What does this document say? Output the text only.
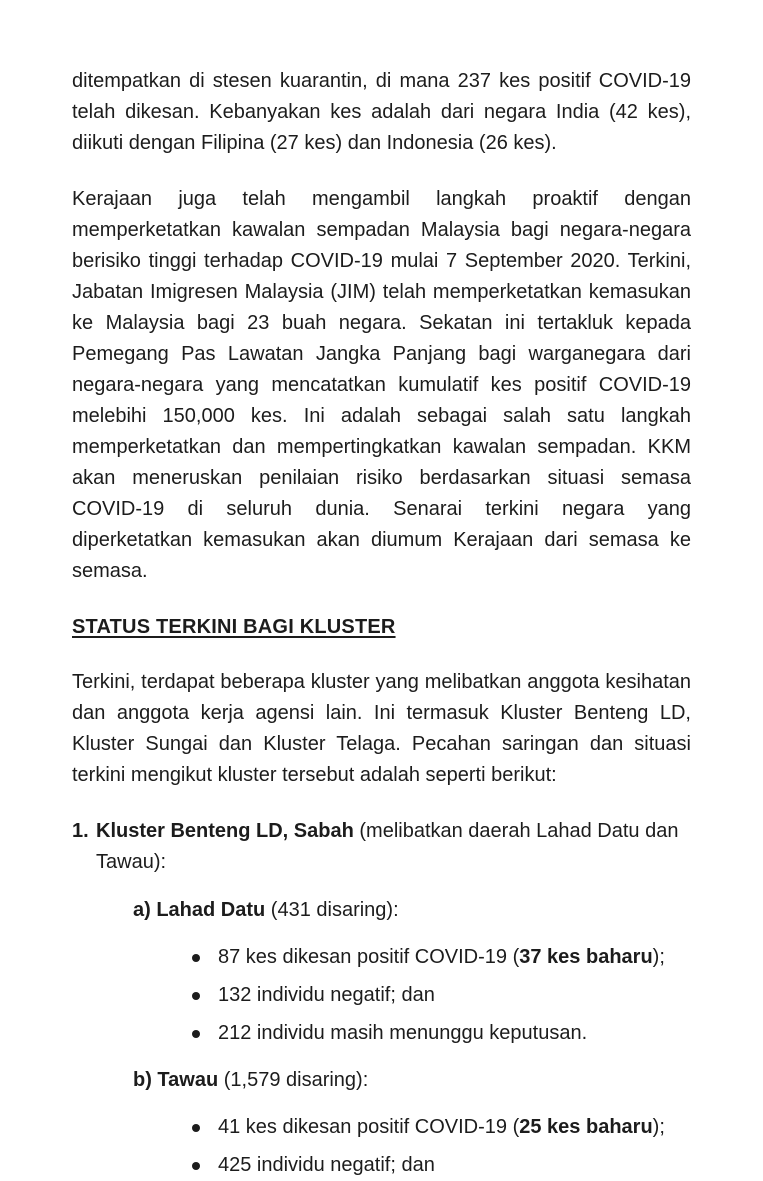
ditempatkan di stesen kuarantin, di mana 237 kes positif COVID-19 telah dikesan. Kebanyakan kes adalah dari negara India (42 kes), diikuti dengan Filipina (27 kes) dan Indonesia (26 kes).

Kerajaan juga telah mengambil langkah proaktif dengan memperketatkan kawalan sempadan Malaysia bagi negara-negara berisiko tinggi terhadap COVID-19 mulai 7 September 2020. Terkini, Jabatan Imigresen Malaysia (JIM) telah memperketatkan kemasukan ke Malaysia bagi 23 buah negara. Sekatan ini tertakluk kepada Pemegang Pas Lawatan Jangka Panjang bagi warganegara dari negara-negara yang mencatatkan kumulatif kes positif COVID-19 melebihi 150,000 kes. Ini adalah sebagai salah satu langkah memperketatkan dan mempertingkatkan kawalan sempadan. KKM akan meneruskan penilaian risiko berdasarkan situasi semasa COVID-19 di seluruh dunia. Senarai terkini negara yang diperketatkan kemasukan akan diumum Kerajaan dari semasa ke semasa.

STATUS TERKINI BAGI KLUSTER

Terkini, terdapat beberapa kluster yang melibatkan anggota kesihatan dan anggota kerja agensi lain. Ini termasuk Kluster Benteng LD, Kluster Sungai dan Kluster Telaga. Pecahan saringan dan situasi terkini mengikut kluster tersebut adalah seperti berikut:

1. Kluster Benteng LD, Sabah (melibatkan daerah Lahad Datu dan Tawau):

a) Lahad Datu (431 disaring):

87 kes dikesan positif COVID-19 (37 kes baharu);
132 individu negatif; dan
212 individu masih menunggu keputusan.

b) Tawau (1,579 disaring):

41 kes dikesan positif COVID-19 (25 kes baharu);
425 individu negatif; dan
